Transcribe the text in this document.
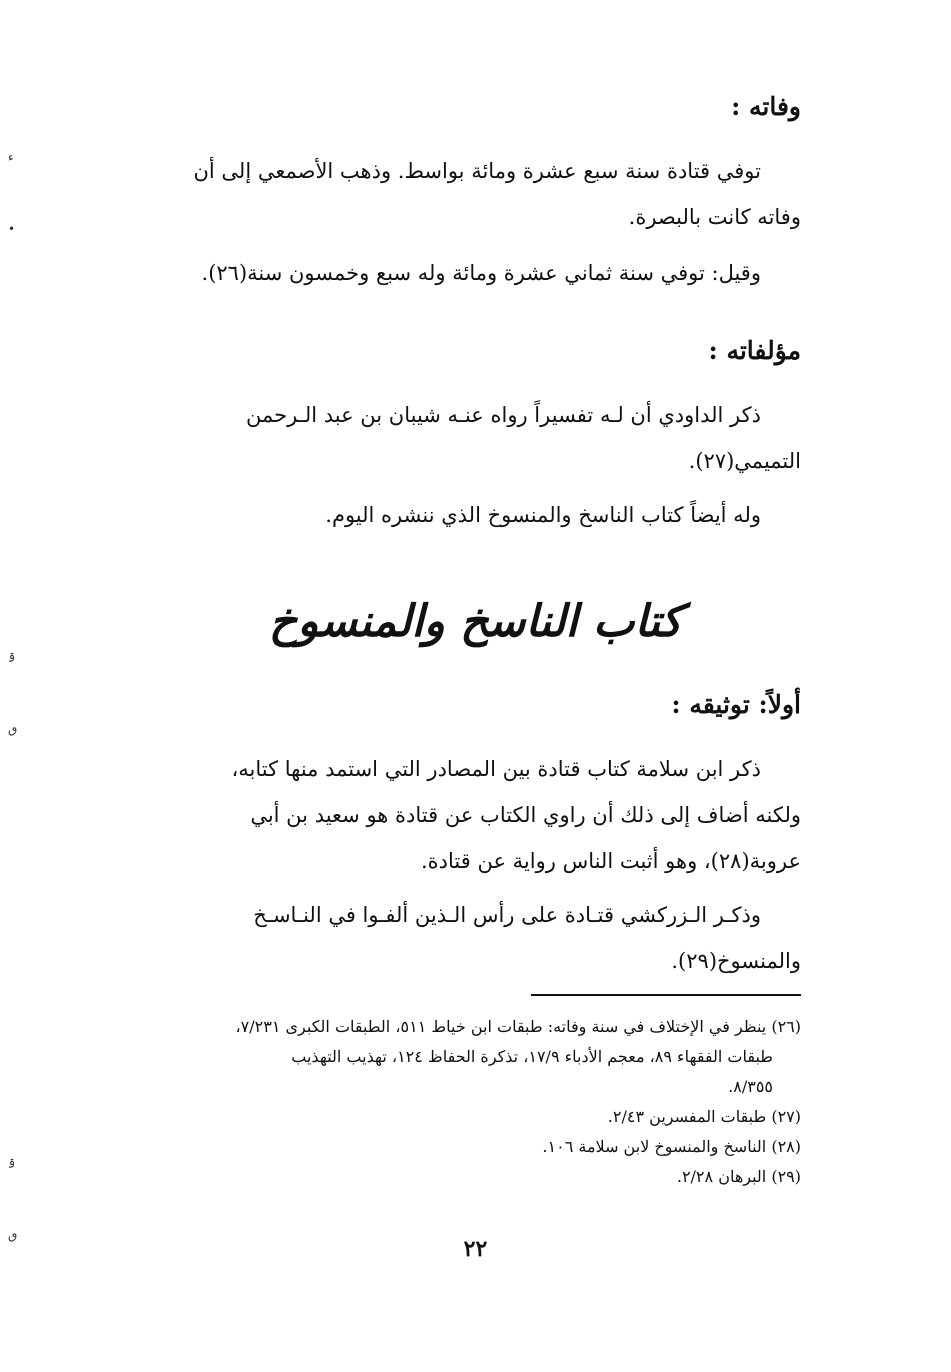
ء
•
ۊ
ٯ
ۊ
ٯ
وفاته :

توفي قتادة سنة سبع عشرة ومائة بواسط. وذهب الأصمعي إلى أن

وفاته كانت بالبصرة.

وقيل: توفي سنة ثماني عشرة ومائة وله سبع وخمسون سنة(٢٦).

مؤلفاته :

ذكر الداودي أن لـه تفسيراً رواه عنـه شيبان بن عبد الـرحمن

التميمي(٢٧).

وله أيضاً كتاب الناسخ والمنسوخ الذي ننشره اليوم.

كتاب الناسخ والمنسوخ
أولاً: توثيقه :

ذكر ابن سلامة كتاب قتادة بين المصادر التي استمد منها كتابه،

ولكنه أضاف إلى ذلك أن راوي الكتاب عن قتادة هو سعيد بن أبي

عروبة(٢٨)، وهو أثبت الناس رواية عن قتادة.

وذكـر الـزركشي قتـادة على رأس الـذين ألفـوا في النـاسـخ

والمنسوخ(٢٩).

(٢٦) ينظر في الإختلاف في سنة وفاته: طبقات ابن خياط ٥١١، الطبقات الكبرى ٧/٢٣١،

طبقات الفقهاء ٨٩، معجم الأدباء ١٧/٩، تذكرة الحفاظ ١٢٤، تهذيب التهذيب

٨/٣٥٥.

(٢٧) طبقات المفسرين ٢/٤٣.

(٢٨) الناسخ والمنسوخ لابن سلامة ١٠٦.

(٢٩) البرهان ٢/٢٨.

٢٢
